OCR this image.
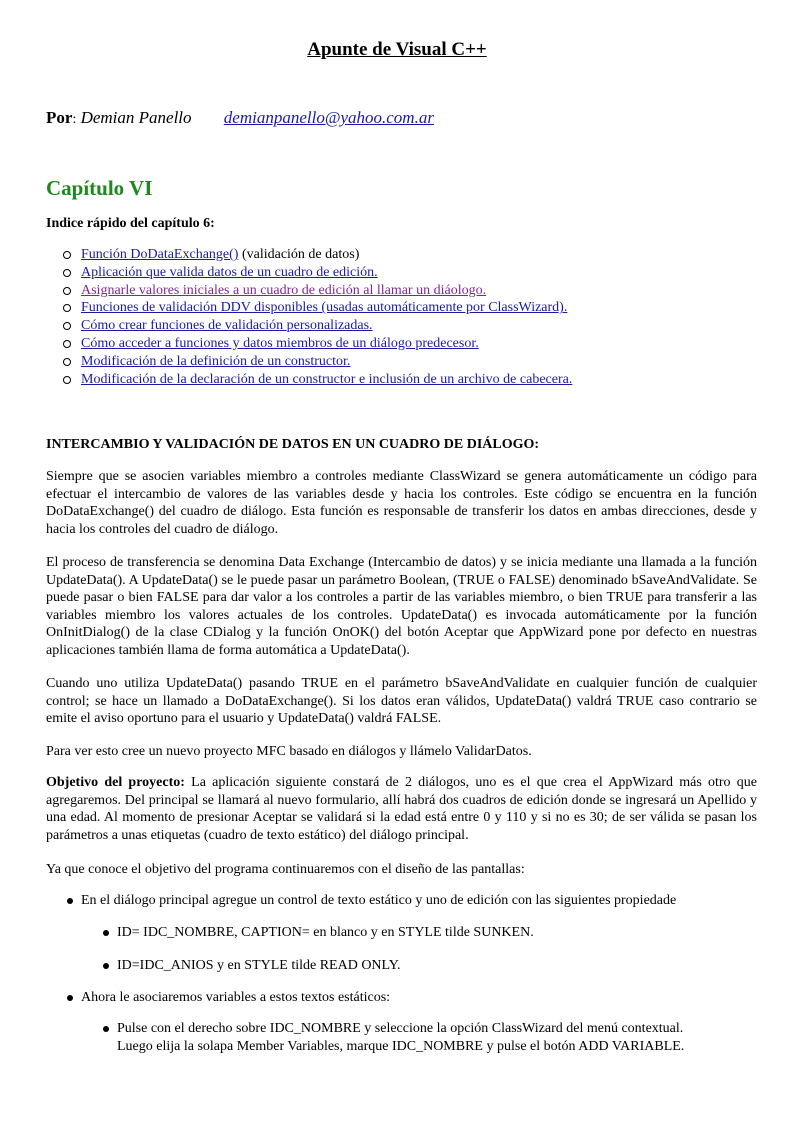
Apunte de Visual C++
Por: Demian Panello demianpanello@yahoo.com.ar
Capítulo VI
Indice rápido del capítulo 6:
Función DoDataExchange() (validación de datos)
Aplicación que valida datos de un cuadro de edición.
Asignarle valores iniciales a un cuadro de edición al llamar un diáologo.
Funciones de validación DDV disponibles (usadas automáticamente por ClassWizard).
Cómo crear funciones de validación personalizadas.
Cómo acceder a funciones y datos miembros de un diálogo predecesor.
Modificación de la definición de un constructor.
Modificación de la declaración de un constructor e inclusión de un archivo de cabecera.
INTERCAMBIO Y VALIDACIÓN DE DATOS EN UN CUADRO DE DIÁLOGO:
Siempre que se asocien variables miembro a controles mediante ClassWizard se genera automáticamente un código para efectuar el intercambio de valores de las variables desde y hacia los controles. Este código se encuentra en la función DoDataExchange() del cuadro de diálogo. Esta función es responsable de transferir los datos en ambas direcciones, desde y hacia los controles del cuadro de diálogo.
El proceso de transferencia se denomina Data Exchange (Intercambio de datos) y se inicia mediante una llamada a la función UpdateData(). A UpdateData() se le puede pasar un parámetro Boolean, (TRUE o FALSE) denominado bSaveAndValidate. Se puede pasar o bien FALSE para dar valor a los controles a partir de las variables miembro, o bien TRUE para transferir a las variables miembro los valores actuales de los controles. UpdateData() es invocada automáticamente por la función OnInitDialog() de la clase CDialog y la función OnOK() del botón Aceptar que AppWizard pone por defecto en nuestras aplicaciones también llama de forma automática a UpdateData().
Cuando uno utiliza UpdateData() pasando TRUE en el parámetro bSaveAndValidate en cualquier función de cualquier control; se hace un llamado a DoDataExchange(). Si los datos eran válidos, UpdateData() valdrá TRUE caso contrario se emite el aviso oportuno para el usuario y UpdateData() valdrá FALSE.
Para ver esto cree un nuevo proyecto MFC basado en diálogos y llámelo ValidarDatos.
Objetivo del proyecto: La aplicación siguiente constará de 2 diálogos, uno es el que crea el AppWizard más otro que agregaremos. Del principal se llamará al nuevo formulario, allí habrá dos cuadros de edición donde se ingresará un Apellido y una edad. Al momento de presionar Aceptar se validará si la edad está entre 0 y 110 y si no es 30; de ser válida se pasan los parámetros a unas etiquetas (cuadro de texto estático) del diálogo principal.
Ya que conoce el objetivo del programa continuaremos con el diseño de las pantallas:
En el diálogo principal agregue un control de texto estático y uno de edición con las siguientes propiedade
ID= IDC_NOMBRE, CAPTION= en blanco y en STYLE tilde SUNKEN.
ID=IDC_ANIOS y en STYLE tilde READ ONLY.
Ahora le asociaremos variables a estos textos estáticos:
Pulse con el derecho sobre IDC_NOMBRE y seleccione la opción ClassWizard del menú contextual.
Luego elija la solapa Member Variables, marque IDC_NOMBRE y pulse el botón ADD VARIABLE.
